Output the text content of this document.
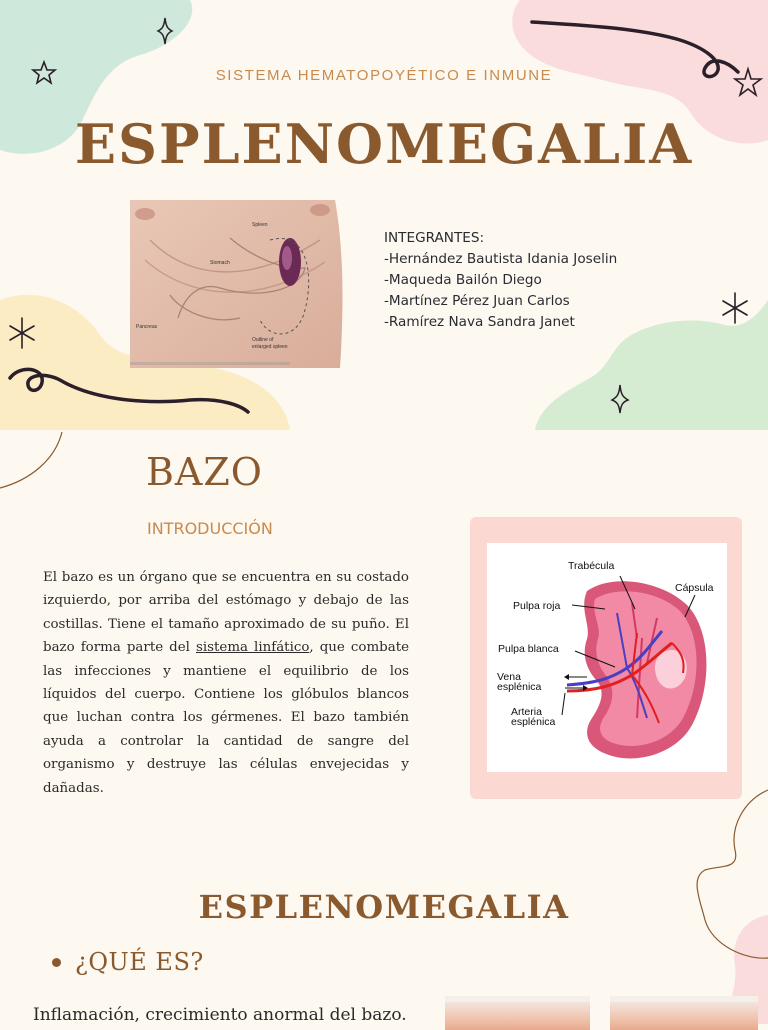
SISTEMA HEMATOPOYÉTICO E INMUNE
ESPLENOMEGALIA
Spleen
Stomach
Pancreas
Outline of
enlarged spleen
INTEGRANTES:
-Hernández Bautista Idania Joselin
-Maqueda Bailón Diego
-Martínez Pérez Juan Carlos
-Ramírez Nava Sandra Janet
BAZO
INTRODUCCIÓN
El bazo es un órgano que se encuentra en su costado izquierdo, por arriba del estómago y debajo de las costillas. Tiene el tamaño aproximado de su puño. El bazo forma parte del sistema linfático, que combate las infecciones y mantiene el equilibrio de los líquidos del cuerpo. Contiene los glóbulos blancos que luchan contra los gérmenes. El bazo también ayuda a controlar la cantidad de sangre del organismo y destruye las células envejecidas y dañadas.
Trabécula
Cápsula
Pulpa roja
Pulpa blanca
Vena
esplénica
Arteria
esplénica
ESPLENOMEGALIA
¿QUÉ ES?
Inflamación, crecimiento anormal del bazo.
